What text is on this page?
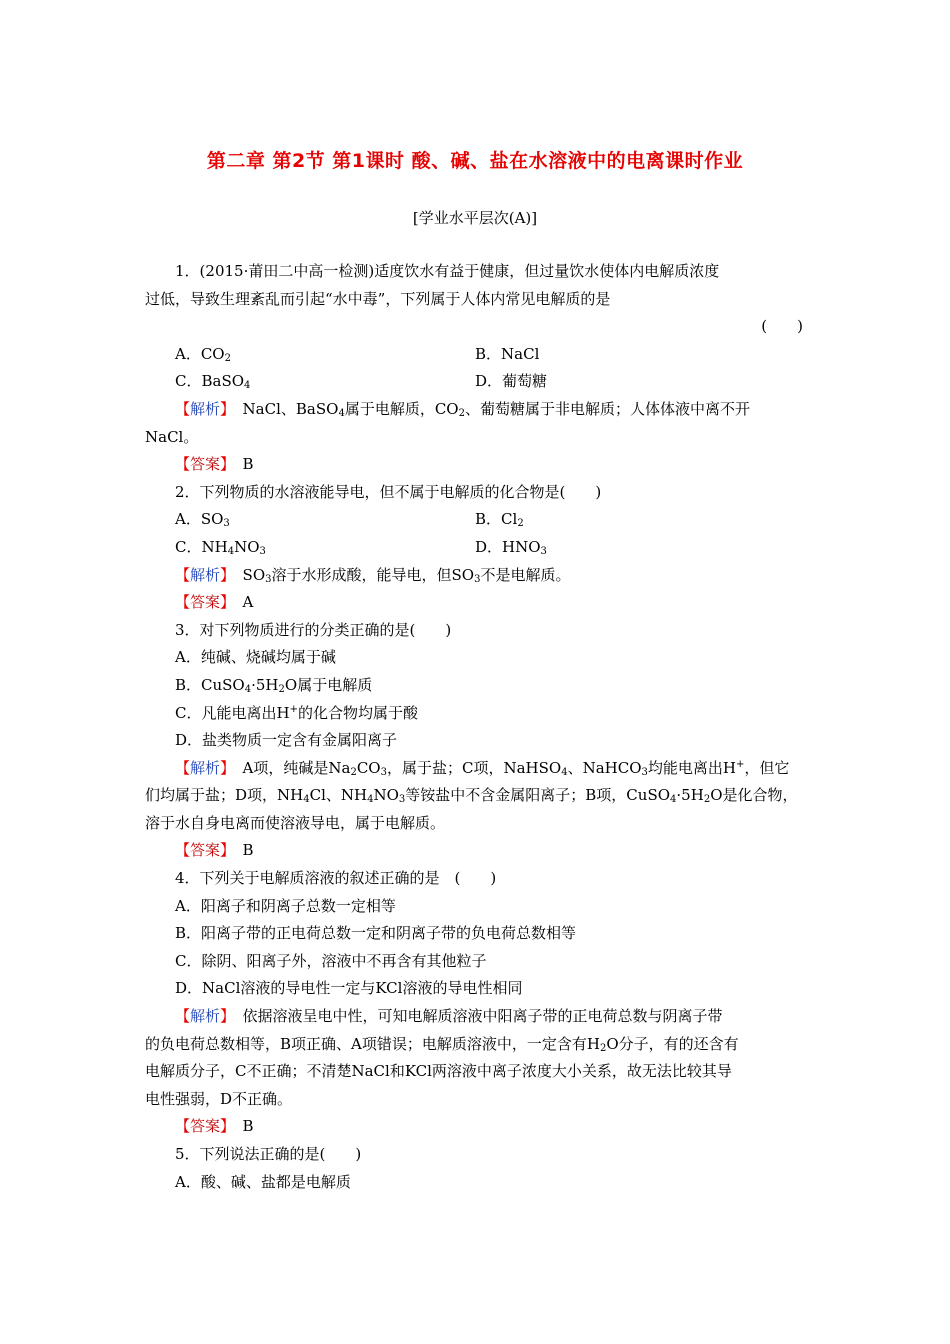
第二章 第2节 第1课时 酸、碱、盐在水溶液中的电离课时作业
[学业水平层次(A)]

1．(2015·莆田二中高一检测)适度饮水有益于健康，但过量饮水使体内电解质浓度

过低，导致生理紊乱而引起“水中毒”，下列属于人体内常见电解质的是

(　　)
A．$CO_2$	B．NaCl
C．BaSO$_4$	D．葡萄糖

【解析】　NaCl、BaSO$_4$属于电解质，$CO_2$、葡萄糖属于非电解质；人体体液中离不开

NaCl。

【答案】　B

2．下列物质的水溶液能导电，但不属于电解质的化合物是(　　)

A．$SO_3$	B．$Cl_2$
C．$NH_4NO_3$	D．$HNO_3$

【解析】　$SO_3$溶于水形成酸，能导电，但$SO_3$不是电解质。

【答案】　A

3．对下列物质进行的分类正确的是(　　)

A．纯碱、烧碱均属于碱

B．$CuSO_4\cdot 5H_2O$属于电解质

C．凡能电离出H+的化合物均属于酸

D．盐类物质一定含有金属阳离子

【解析】　A项，纯碱是$Na_2CO_3$，属于盐；C项，NaHSO$_4$、NaHCO$_3$均能电离出H+，但它

们均属于盐；D项，$NH_4Cl$、$NH_4NO_3$等铵盐中不含金属阳离子；B项，$CuSO_4\cdot 5H_2O$是化合物，

溶于水自身电离而使溶液导电，属于电解质。

【答案】　B

4．下列关于电解质溶液的叙述正确的是　(　　)

A．阳离子和阴离子总数一定相等

B．阳离子带的正电荷总数一定和阴离子带的负电荷总数相等

C．除阴、阳离子外，溶液中不再含有其他粒子

D．NaCl溶液的导电性一定与KCl溶液的导电性相同

【解析】　依据溶液呈电中性，可知电解质溶液中阳离子带的正电荷总数与阴离子带

的负电荷总数相等，B项正确、A项错误；电解质溶液中，一定含有$H_2O$分子，有的还含有

电解质分子，C不正确；不清楚NaCl和KCl两溶液中离子浓度大小关系，故无法比较其导

电性强弱，D不正确。

【答案】　B

5．下列说法正确的是(　　)

A．酸、碱、盐都是电解质
